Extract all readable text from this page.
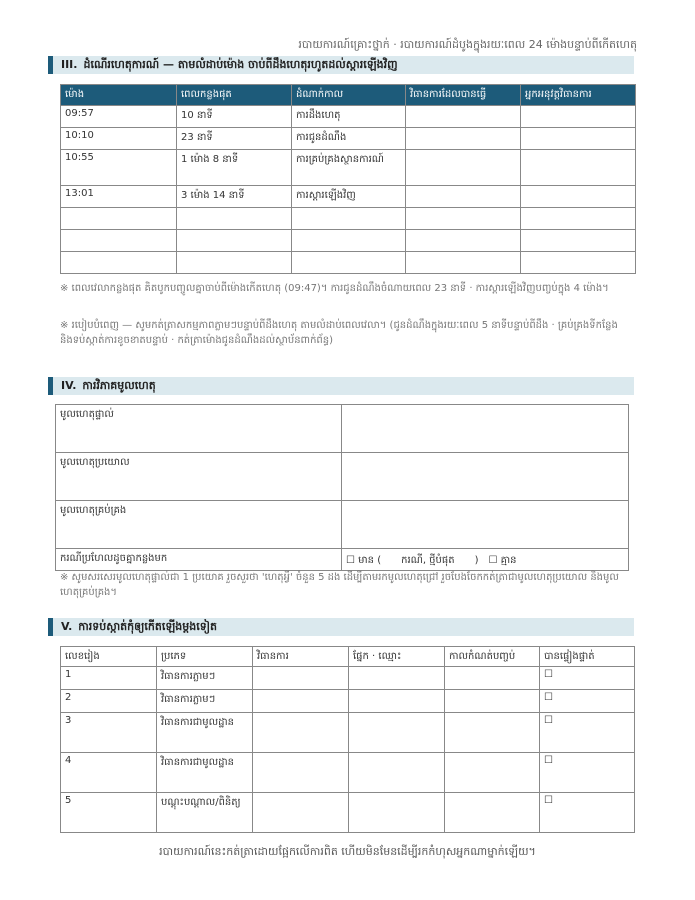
របាយការណ៍គ្រោះថ្នាក់ · របាយការណ៍ដំបូងក្នុងរយៈពេល 24 ម៉ោងបន្ទាប់ពីកើតហេតុ
III. ដំណើរហេតុការណ៍ — តាមលំដាប់ម៉ោង ចាប់ពីដឹងហេតុរហូតដល់ស្ដារឡើងវិញ
ម៉ោង	ពេលកន្លងផុត	ដំណាក់កាល	វិធានការដែលបានធ្វើ	អ្នកអនុវត្តវិធានការ
09:57	10 នាទី	ការដឹងហេតុ		
10:10	23 នាទី	ការជូនដំណឹង		
10:55	1 ម៉ោង 8 នាទី	ការគ្រប់គ្រងស្ថានការណ៍		
13:01	3 ម៉ោង 14 នាទី	ការស្ដារឡើងវិញ		

※ ពេលវេលាកន្លងផុត គិតបូកបញ្ចូលគ្នាចាប់ពីម៉ោងកើតហេតុ (09:47)។ ការជូនដំណឹងចំណាយពេល 23 នាទី · ការស្ដារឡើងវិញបញ្ចប់ក្នុង 4 ម៉ោង។
※ របៀបបំពេញ — សូមកត់ត្រាសកម្មភាពភ្លាមៗបន្ទាប់ពីដឹងហេតុ តាមលំដាប់ពេលវេលា។ (ជូនដំណឹងក្នុងរយៈពេល 5 នាទីបន្ទាប់ពីដឹង · គ្រប់គ្រងទីកន្លែង និងទប់ស្កាត់ការខូចខាតបន្ទាប់ · កត់ត្រាម៉ោងជូនដំណឹងដល់ស្ថាប័នពាក់ព័ន្ធ)
IV. ការវិភាគមូលហេតុ
មូលហេតុផ្ទាល់	
មូលហេតុប្រយោល	
មូលហេតុគ្រប់គ្រង	
ករណីប្រហែលដូចគ្នាកន្លងមក	☐ មាន (　　ករណី, ថ្មីបំផុត　　)　☐ គ្មាន
※ សូមសរសេរមូលហេតុផ្ទាល់ជា 1 ប្រយោគ រួចសួរថា 'ហេតុអ្វី' ចំនួន 5 ដង ដើម្បីតាមរកមូលហេតុជ្រៅ រួចបែងចែកកត់ត្រាជាមូលហេតុប្រយោល និងមូលហេតុគ្រប់គ្រង។
V. ការទប់ស្កាត់កុំឲ្យកើតឡើងម្ដងទៀត
លេខរៀង	ប្រភេទ	វិធានការ	ផ្នែក · ឈ្មោះ	កាលកំណត់បញ្ចប់	បានផ្ទៀងផ្ទាត់
1	វិធានការភ្លាមៗ				☐
2	វិធានការភ្លាមៗ				☐
3	វិធានការជាមូលដ្ឋាន				☐
4	វិធានការជាមូលដ្ឋាន				☐
5	បណ្ដុះបណ្ដាល/ពិនិត្យ				☐
របាយការណ៍នេះកត់ត្រាដោយផ្អែកលើការពិត ហើយមិនមែនដើម្បីរកកំហុសអ្នកណាម្នាក់ឡើយ។
